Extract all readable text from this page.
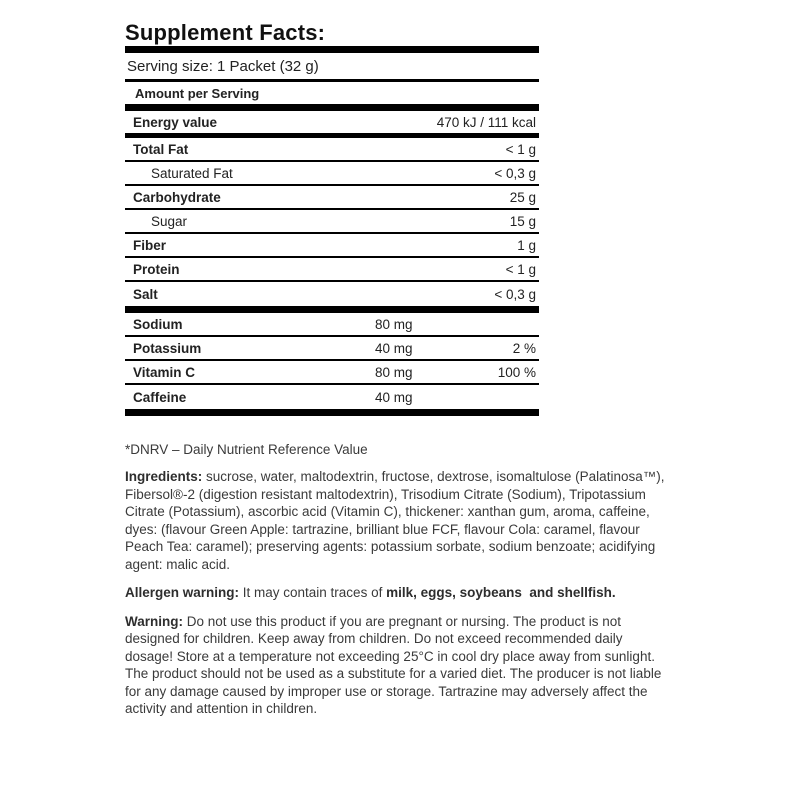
Supplement Facts:
Serving size: 1 Packet (32 g)
Amount per Serving
Energy value	470 kJ / 111 kcal
Total Fat	< 1 g
Saturated Fat	< 0,3 g
Carbohydrate	25 g
Sugar	15 g
Fiber	1 g
Protein	< 1 g
Salt	< 0,3 g
Sodium	80 mg
Potassium	40 mg	2 %
Vitamin C	80 mg	100 %
Caffeine	40 mg
*DNRV – Daily Nutrient Reference Value

Ingredients: sucrose, water, maltodextrin, fructose, dextrose, isomaltulose (Palatinosa™), Fibersol®-2 (digestion resistant maltodextrin), Trisodium Citrate (Sodium), Tripotassium Citrate (Potassium), ascorbic acid (Vitamin C), thickener: xanthan gum, aroma, caffeine, dyes: (flavour Green Apple: tartrazine, brilliant blue FCF, flavour Cola: caramel, flavour Peach Tea: caramel); preserving agents: potassium sorbate, sodium benzoate; acidifying agent: malic acid.

Allergen warning: It may contain traces of milk, eggs, soybeans  and shellfish.

Warning: Do not use this product if you are pregnant or nursing. The product is not designed for children. Keep away from children. Do not exceed recommended daily dosage! Store at a temperature not exceeding 25°C in cool dry place away from sunlight. The product should not be used as a substitute for a varied diet. The producer is not liable for any damage caused by improper use or storage. Tartrazine may adversely affect the activity and attention in children.
